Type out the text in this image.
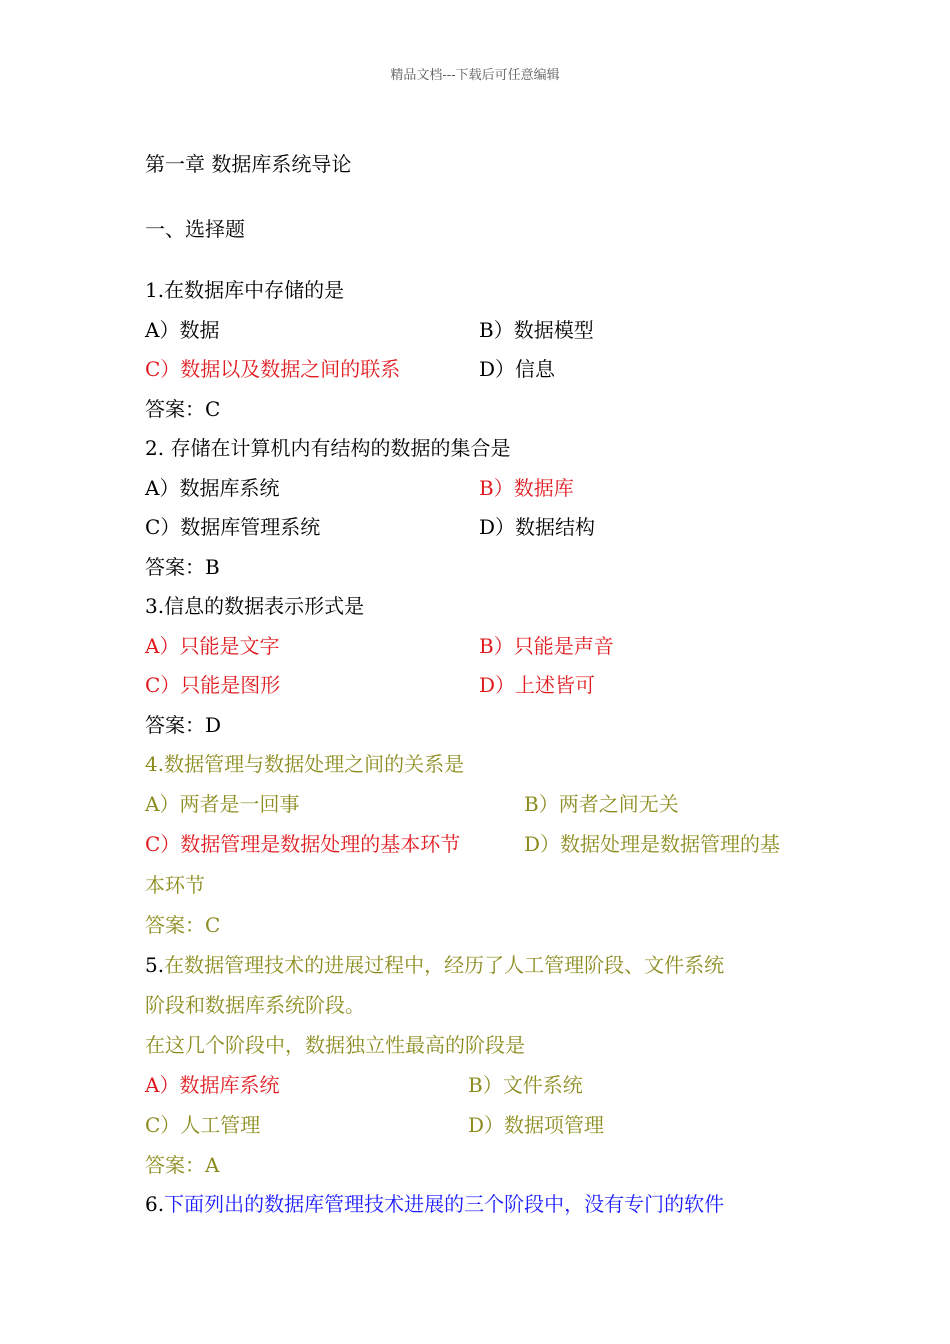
精品文档---下载后可任意编辑
第一章 数据库系统导论
一、选择题
1.在数据库中存储的是
A）数据	B）数据模型
C）数据以及数据之间的联系	D）信息
答案：C
2. 存储在计算机内有结构的数据的集合是
A）数据库系统	B）数据库
C）数据库管理系统	D）数据结构
答案：B
3.信息的数据表示形式是
A）只能是文字	B）只能是声音
C）只能是图形	D）上述皆可
答案：D
4.数据管理与数据处理之间的关系是
A）两者是一回事	B）两者之间无关
C）数据管理是数据处理的基本环节	D）数据处理是数据管理的基
本环节
答案：C
5.在数据管理技术的进展过程中，经历了人工管理阶段、文件系统
阶段和数据库系统阶段。
在这几个阶段中，数据独立性最高的阶段是
A）数据库系统	B）文件系统
C）人工管理	D）数据项管理
答案：A
6.下面列出的数据库管理技术进展的三个阶段中，没有专门的软件
